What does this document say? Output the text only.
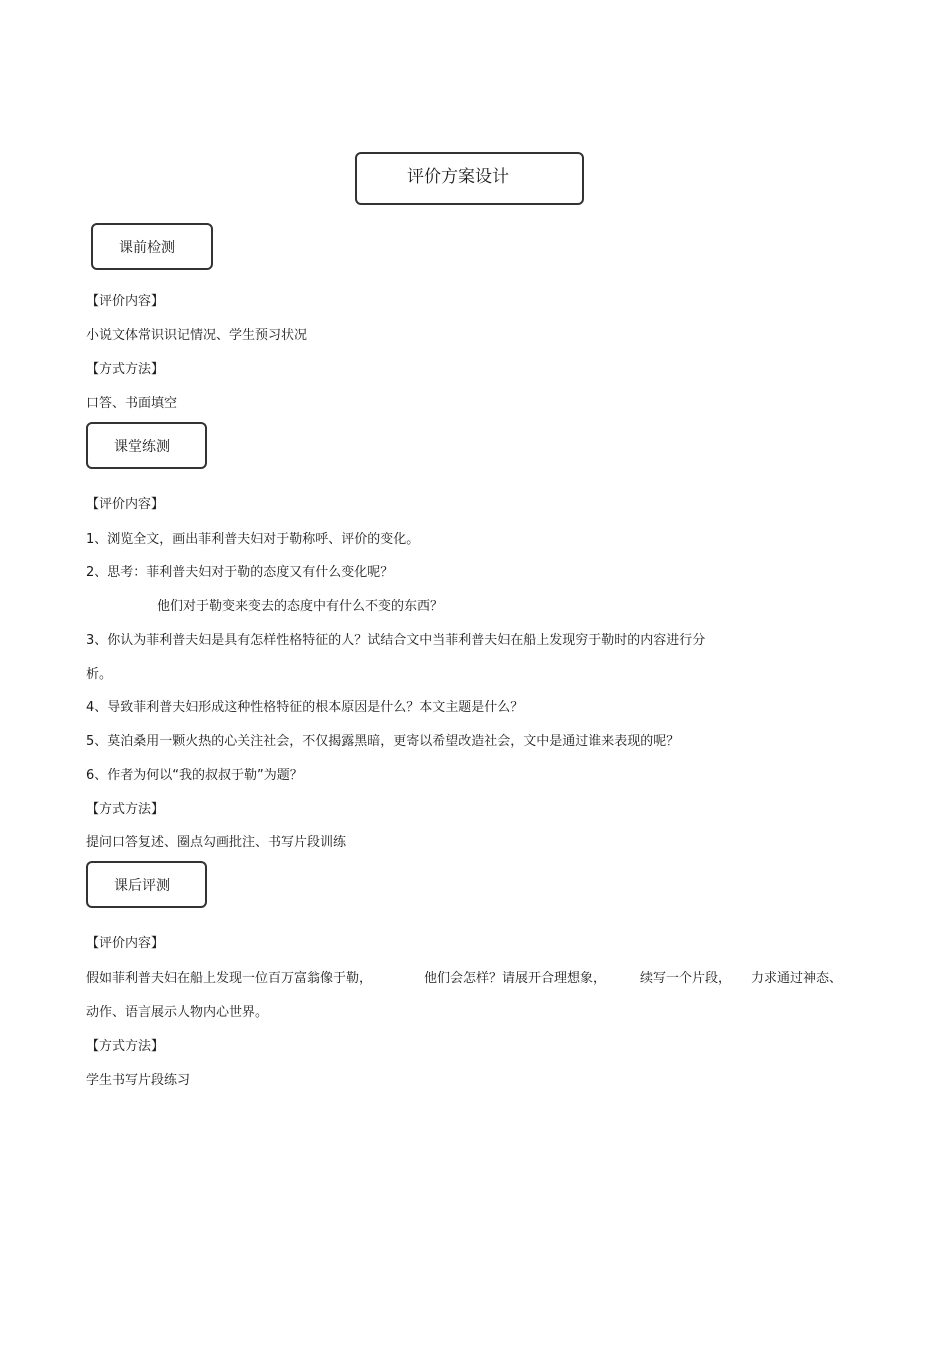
评价方案设计
课前检测
【评价内容】
小说文体常识识记情况、学生预习状况
【方式方法】
口答、书面填空
课堂练测
【评价内容】
1、浏览全文，画出菲利普夫妇对于勒称呼、评价的变化。
2、思考：菲利普夫妇对于勒的态度又有什么变化呢？
他们对于勒变来变去的态度中有什么不变的东西？
3、你认为菲利普夫妇是具有怎样性格特征的人？试结合文中当菲利普夫妇在船上发现穷于勒时的内容进行分
析。
4、导致菲利普夫妇形成这种性格特征的根本原因是什么？本文主题是什么？
5、莫泊桑用一颗火热的心关注社会，不仅揭露黑暗，更寄以希望改造社会，文中是通过谁来表现的呢？
6、作者为何以“我的叔叔于勒”为题？
【方式方法】
提问口答复述、圈点勾画批注、书写片段训练
课后评测
【评价内容】
假如菲利普夫妇在船上发现一位百万富翁像于勒，	他们会怎样？请展开合理想象，	续写一个片段， 力求通过神态、
动作、语言展示人物内心世界。
【方式方法】
学生书写片段练习
